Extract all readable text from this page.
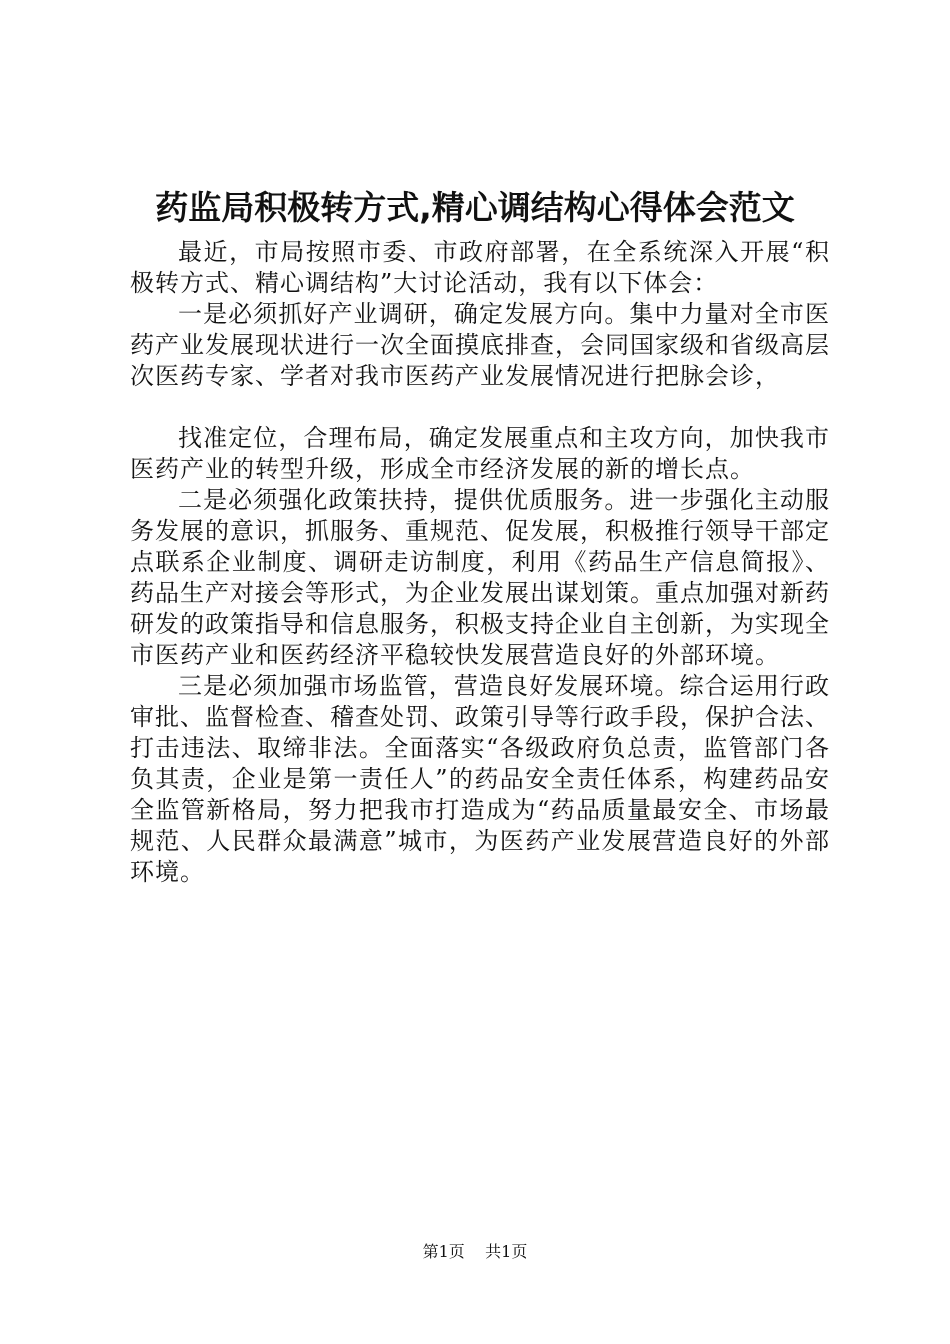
药监局积极转方式,精心调结构心得体会范文

最近，市局按照市委、市政府部署，在全系统深入开展“积极转方式、精心调结构”大讨论活动，我有以下体会：

一是必须抓好产业调研，确定发展方向。集中力量对全市医药产业发展现状进行一次全面摸底排查，会同国家级和省级高层次医药专家、学者对我市医药产业发展情况进行把脉会诊，

找准定位，合理布局，确定发展重点和主攻方向，加快我市医药产业的转型升级，形成全市经济发展的新的增长点。

二是必须强化政策扶持，提供优质服务。进一步强化主动服务发展的意识，抓服务、重规范、促发展，积极推行领导干部定点联系企业制度、调研走访制度，利用《药品生产信息简报》、药品生产对接会等形式，为企业发展出谋划策。重点加强对新药研发的政策指导和信息服务，积极支持企业自主创新，为实现全市医药产业和医药经济平稳较快发展营造良好的外部环境。

三是必须加强市场监管，营造良好发展环境。综合运用行政审批、监督检查、稽查处罚、政策引导等行政手段，保护合法、打击违法、取缔非法。全面落实“各级政府负总责，监管部门各负其责，企业是第一责任人”的药品安全责任体系，构建药品安全监管新格局，努力把我市打造成为“药品质量最安全、市场最规范、人民群众最满意”城市，为医药产业发展营造良好的外部环境。

第1页 共1页
